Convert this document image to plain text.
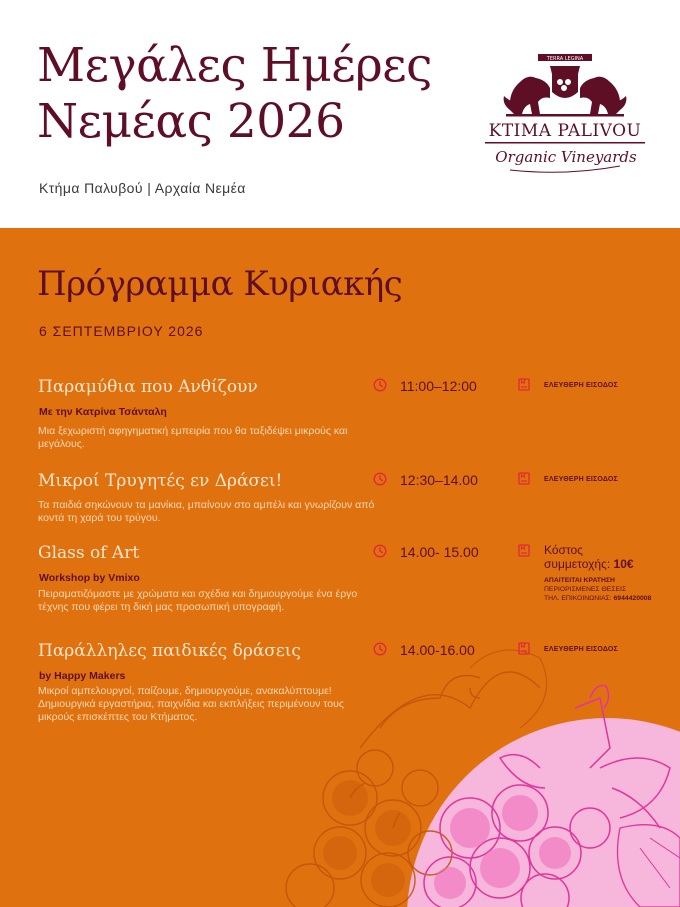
Μεγάλες Ημέρες
Νεμέας 2026
Κτήμα Παλυβού | Αρχαία Νεμέα
TERRA LEGINA
KTIMA PALIVOU
Organic Vineyards
Πρόγραμμα Κυριακής
6 ΣΕΠΤΕΜΒΡΙΟΥ 2026
Παραμύθια που Ανθίζουν
Με την Κατρίνα Τσάνταλη
Μια ξεχωριστή αφηγηματική εμπειρία που θα ταξιδέψει μικρούς και μεγάλους.
11:00–12:00	ΕΛΕΥΘΕΡΗ ΕΙΣΟΔΟΣ
Μικροί Τρυγητές εν Δράσει!
Τα παιδιά σηκώνουν τα μανίκια, μπαίνουν στο αμπέλι και γνωρίζουν από κοντά τη χαρά του τρύγου.
12:30–14.00	ΕΛΕΥΘΕΡΗ ΕΙΣΟΔΟΣ
Glass of Art
Workshop by Vmixo
Πειραματιζόμαστε με χρώματα και σχέδια και δημιουργούμε ένα έργο τέχνης που φέρει τη δική μας προσωπική υπογραφή.
14.00- 15.00	Κόστος
συμμετοχής: 10€
ΑΠΑΙΤΕΙΤΑΙ ΚΡΑΤΗΣΗ
ΠΕΡΙΟΡΙΣΜΕΝΕΣ ΘΕΣΕΙΣ
ΤΗΛ. ΕΠΙΚΟΙΝΩΝΙΑΣ: 6944420008
Παράλληλες παιδικές δράσεις
by Happy Makers
Μικροί αμπελουργοί, παίζουμε, δημιουργούμε, ανακαλύπτουμε! Δημιουργικά εργαστήρια, παιχνίδια και εκπλήξεις περιμένουν τους μικρούς επισκέπτες του Κτήματος.
14.00-16.00	ΕΛΕΥΘΕΡΗ ΕΙΣΟΔΟΣ
